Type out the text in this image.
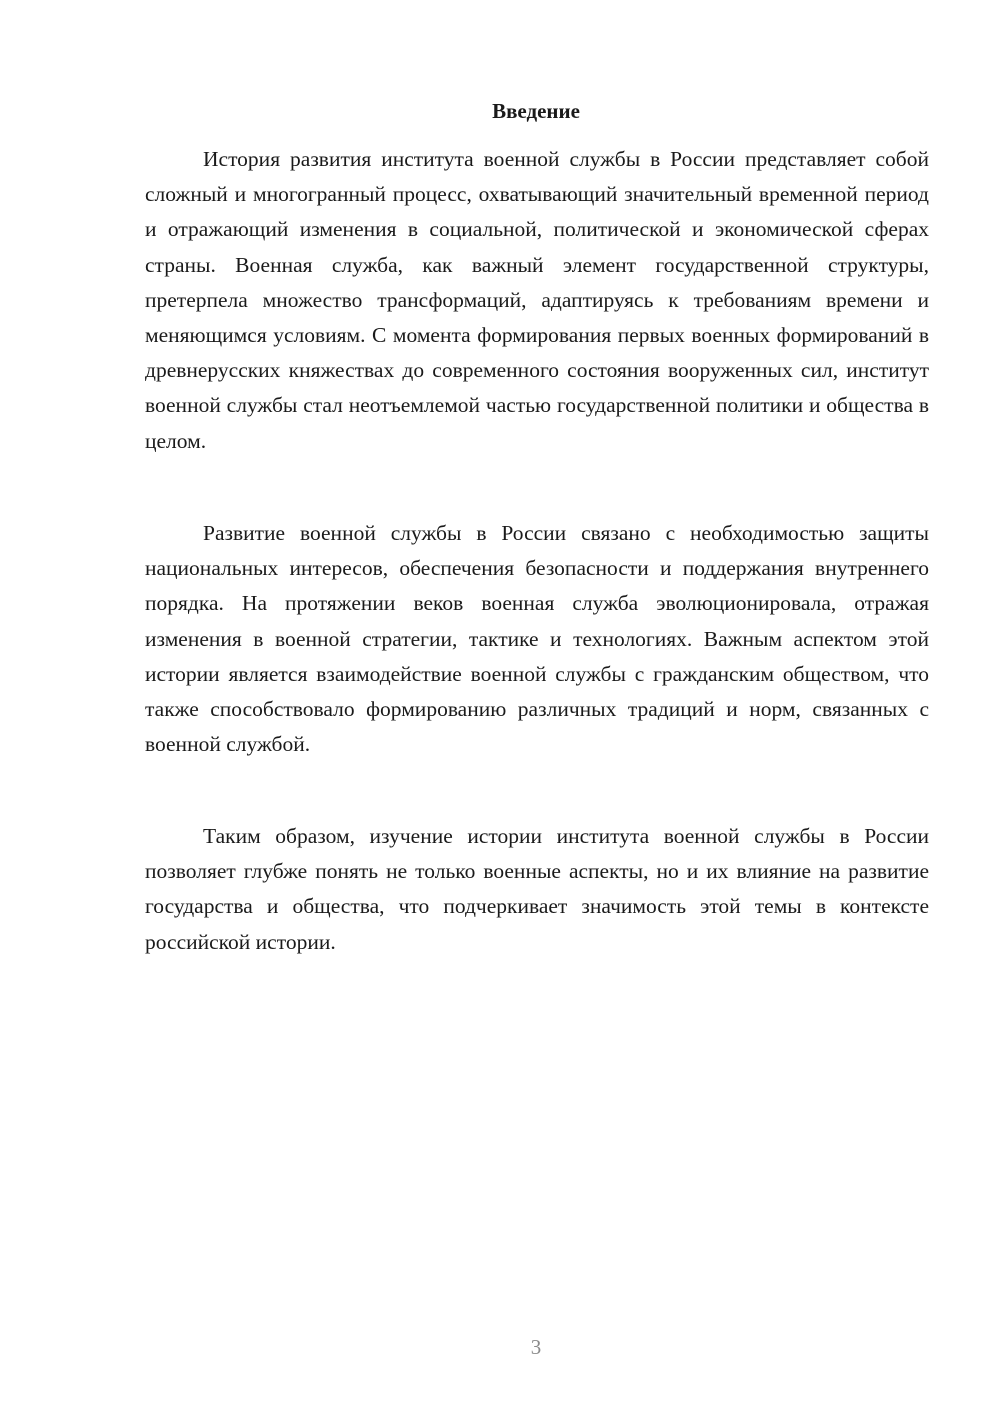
Введение

История развития института военной службы в России представляет собой сложный и многогранный процесс, охватывающий значительный временной период и отражающий изменения в социальной, политической и экономической сферах страны. Военная служба, как важный элемент государственной структуры, претерпела множество трансформаций, адаптируясь к требованиям времени и меняющимся условиям. С момента формирования первых военных формирований в древнерусских княжествах до современного состояния вооруженных сил, институт военной службы стал неотъемлемой частью государственной политики и общества в целом.

Развитие военной службы в России связано с необходимостью защиты национальных интересов, обеспечения безопасности и поддержания внутреннего порядка. На протяжении веков военная служба эволюционировала, отражая изменения в военной стратегии, тактике и технологиях. Важным аспектом этой истории является взаимодействие военной службы с гражданским обществом, что также способствовало формированию различных традиций и норм, связанных с военной службой.

Таким образом, изучение истории института военной службы в России позволяет глубже понять не только военные аспекты, но и их влияние на развитие государства и общества, что подчеркивает значимость этой темы в контексте российской истории.

3
